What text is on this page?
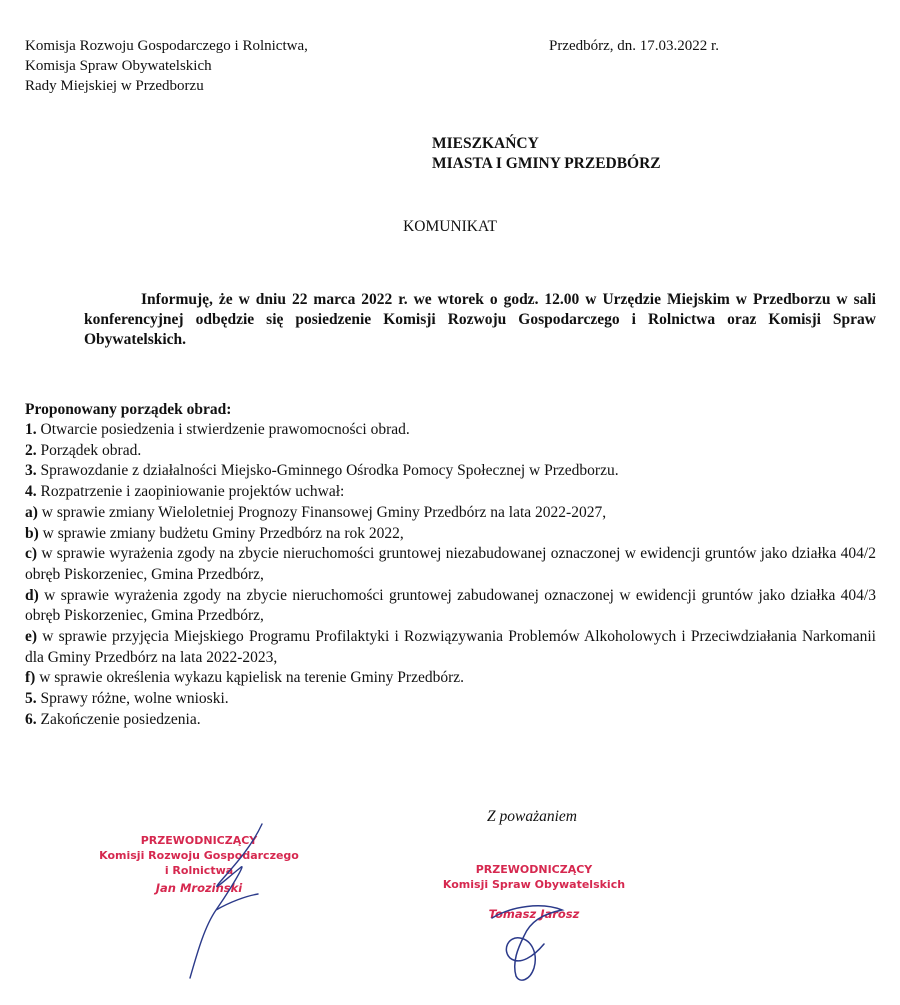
Komisja Rozwoju Gospodarczego i Rolnictwa,
Komisja Spraw Obywatelskich
Rady Miejskiej w Przedborzu
Przedbórz, dn. 17.03.2022 r.
MIESZKAŃCY
MIASTA I GMINY PRZEDBÓRZ
KOMUNIKAT
Informuję, że w dniu 22 marca 2022 r. we wtorek o godz. 12.00 w Urzędzie Miejskim w Przedborzu w sali konferencyjnej odbędzie się posiedzenie Komisji Rozwoju Gospodarczego i Rolnictwa oraz Komisji Spraw Obywatelskich.
Proponowany porządek obrad:
1. Otwarcie posiedzenia i stwierdzenie prawomocności obrad.
2. Porządek obrad.
3. Sprawozdanie z działalności Miejsko-Gminnego Ośrodka Pomocy Społecznej w Przedborzu.
4. Rozpatrzenie i zaopiniowanie projektów uchwał:
a) w sprawie zmiany Wieloletniej Prognozy Finansowej Gminy Przedbórz na lata 2022-2027,
b) w sprawie zmiany budżetu Gminy Przedbórz na rok 2022,
c) w sprawie wyrażenia zgody na zbycie nieruchomości gruntowej niezabudowanej oznaczonej w ewidencji gruntów jako działka 404/2 obręb Piskorzeniec, Gmina Przedbórz,
d) w sprawie wyrażenia zgody na zbycie nieruchomości gruntowej zabudowanej oznaczonej w ewidencji gruntów jako działka 404/3 obręb Piskorzeniec, Gmina Przedbórz,
e) w sprawie przyjęcia Miejskiego Programu Profilaktyki i Rozwiązywania Problemów Alkoholowych i Przeciwdziałania Narkomanii dla Gminy Przedbórz na lata 2022-2023,
f) w sprawie określenia wykazu kąpielisk na terenie Gminy Przedbórz.
5. Sprawy różne, wolne wnioski.
6. Zakończenie posiedzenia.
Z poważaniem
PRZEWODNICZĄCY
Komisji Rozwoju Gospodarczego
i Rolnictwa
Jan Mroziński
PRZEWODNICZĄCY
Komisji Spraw Obywatelskich
Tomasz Jarosz
